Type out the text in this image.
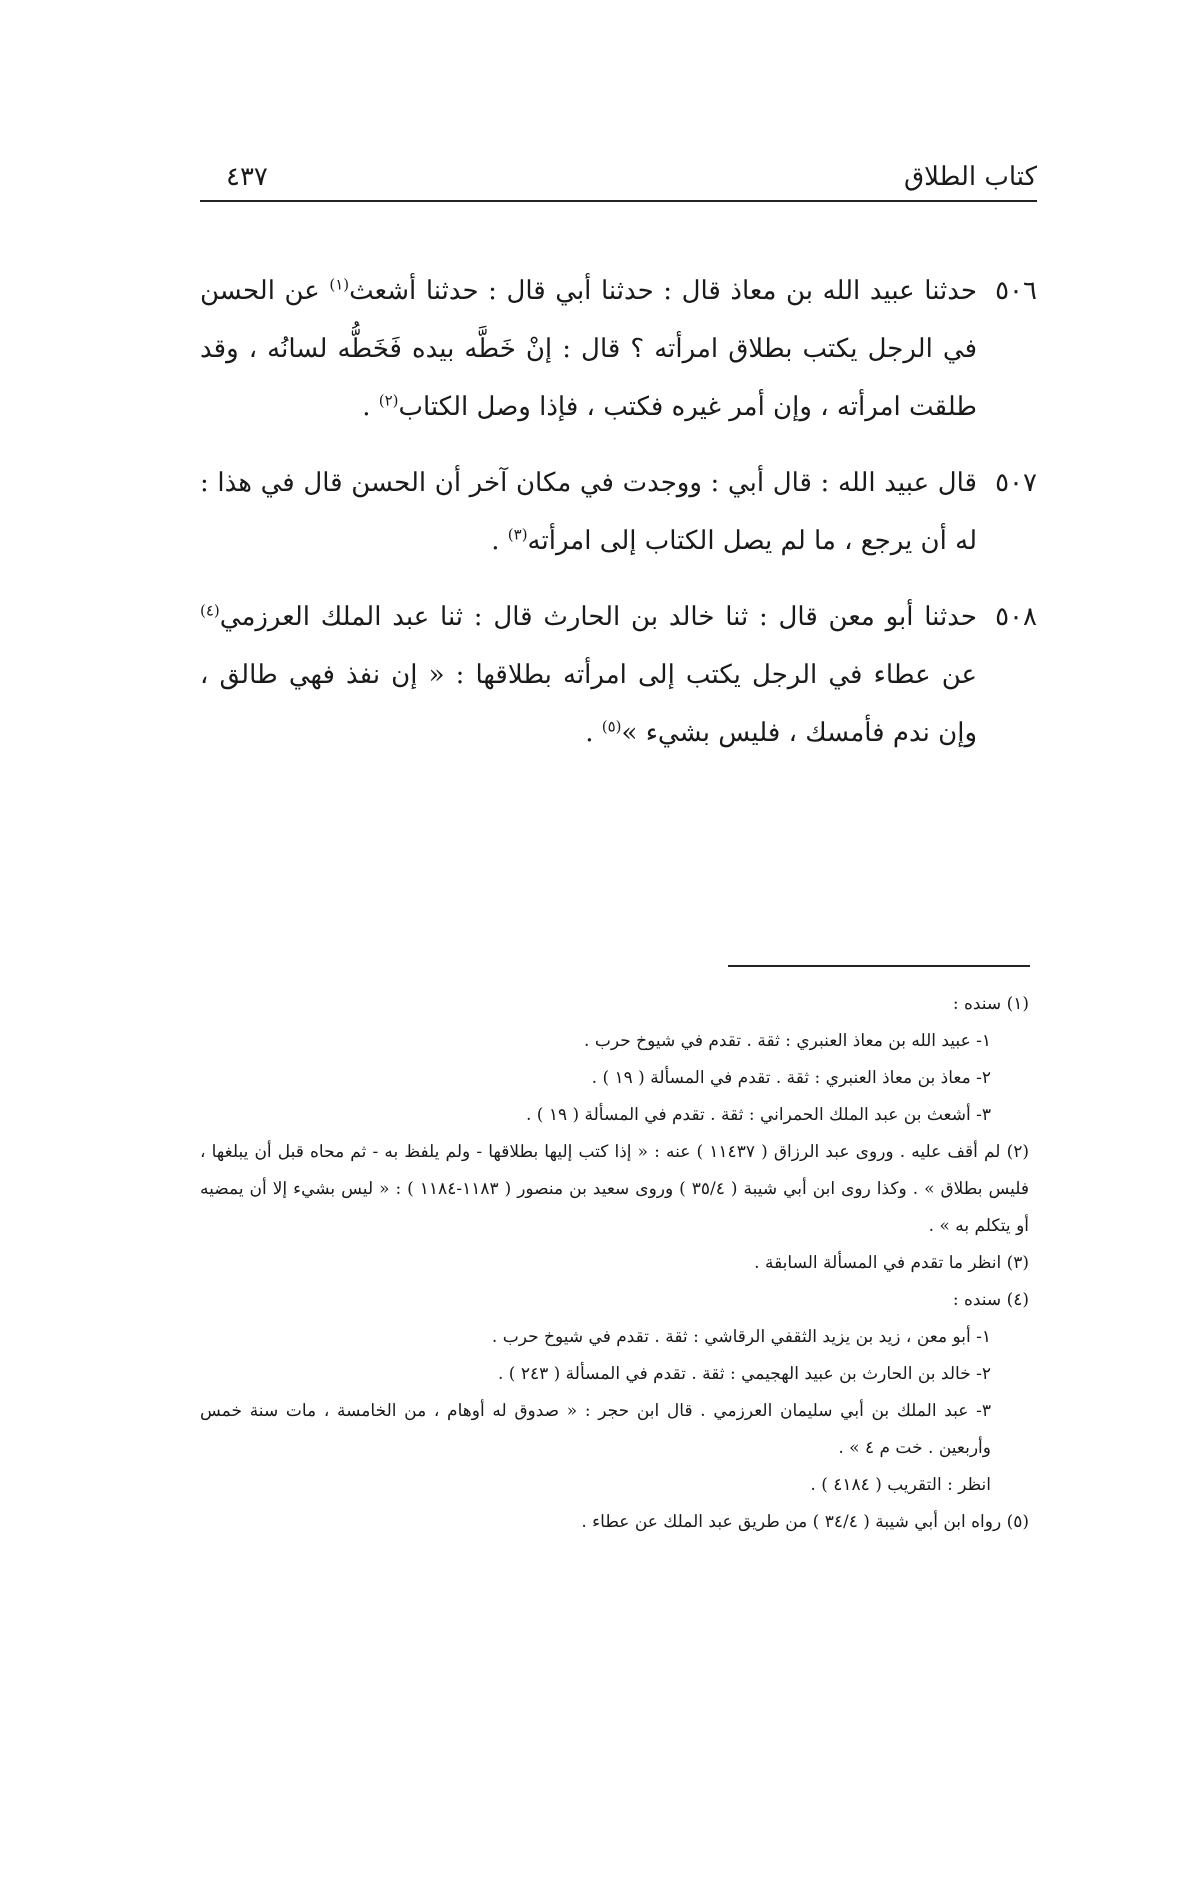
كتاب الطلاق
٤٣٧
٥٠٦
حدثنا عبيد الله بن معاذ قال : حدثنا أبي قال : حدثنا أشعث$^{(١)}$ عن الحسن في الرجل يكتب بطلاق امرأته ؟ قال : إنْ خَطَّه بيده فَخَطُّه لسانُه ، وقد طلقت امرأته ، وإن أمر غيره فكتب ، فإذا وصل الكتاب$^{(٢)}$ .
٥٠٧
قال عبيد الله : قال أبي : ووجدت في مكان آخر أن الحسن قال في هذا : له أن يرجع ، ما لم يصل الكتاب إلى امرأته$^{(٣)}$ .
٥٠٨
حدثنا أبو معن قال : ثنا خالد بن الحارث قال : ثنا عبد الملك العرزمي$^{(٤)}$ عن عطاء في الرجل يكتب إلى امرأته بطلاقها : « إن نفذ فهي طالق ، وإن ندم فأمسك ، فليس بشيء »$^{(٥)}$ .
(١) سنده :
١- عبيد الله بن معاذ العنبري : ثقة . تقدم في شيوخ حرب .
٢- معاذ بن معاذ العنبري : ثقة . تقدم في المسألة ( ١٩ ) .
٣- أشعث بن عبد الملك الحمراني : ثقة . تقدم في المسألة ( ١٩ ) .
(٢) لم أقف عليه . وروى عبد الرزاق ( ١١٤٣٧ ) عنه : « إذا كتب إليها بطلاقها - ولم يلفظ به - ثم محاه قبل أن يبلغها ، فليس بطلاق » . وكذا روى ابن أبي شيبة ( ٣٥/٤ ) وروى سعيد بن منصور ( ١١٨٣-١١٨٤ ) : « ليس بشيء إلا أن يمضيه أو يتكلم به » .
(٣) انظر ما تقدم في المسألة السابقة .
(٤) سنده :
١- أبو معن ، زيد بن يزيد الثقفي الرقاشي : ثقة . تقدم في شيوخ حرب .
٢- خالد بن الحارث بن عبيد الهجيمي : ثقة . تقدم في المسألة ( ٢٤٣ ) .
٣- عبد الملك بن أبي سليمان العرزمي . قال ابن حجر : « صدوق له أوهام ، من الخامسة ، مات سنة خمس وأربعين . خت م ٤ » .
انظر : التقريب ( ٤١٨٤ ) .
(٥) رواه ابن أبي شيبة ( ٣٤/٤ ) من طريق عبد الملك عن عطاء .
